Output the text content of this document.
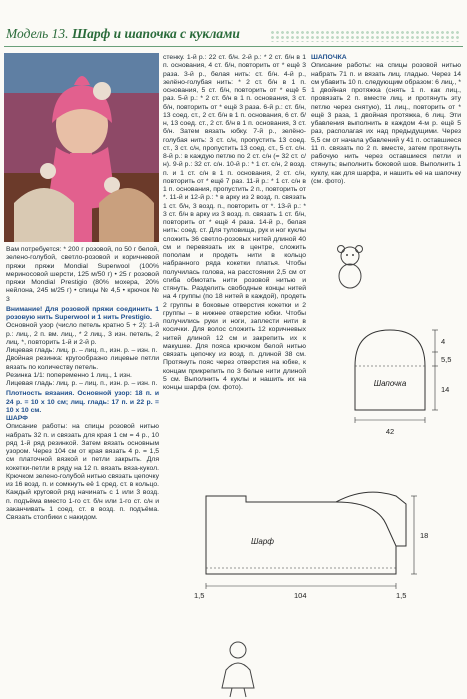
Модель 13. Шарф и шапочка с куклами

Вам потребуется: * 200 г розовой, по 50 г белой, зелено-голубой, светло-розовой и коричневой пряжи пряжи Mondial Superwool (100% мериносовой шерсти, 125 м/50 г) • 25 г розовой пряжи Mondial Prestigio (80% мохера, 20% нейлона, 245 м/25 г) • спицы № 4,5 • крючок № 3

Внимание! Для розовой пряжи соединить 1 розовую нить Superwool и 1 нить Prestigio.

Основной узор (число петель кратно 5 + 2): 1-й р.: лиц., 2 п. вм. лиц., * 2 лиц., 3 изн. петель, 2 лиц. *, повторить 1-й и 2-й р.

Лицевая гладь: лиц. р. – лиц. п., изн. р. – изн. п.

Двойная резинка: кругообразно лицевые петли вязать по количеству петель.

Резинка 1/1: попеременно 1 лиц., 1 изн.

Лицевая гладь: лиц. р. – лиц. п., изн. р. – изн. п.

Плотность вязания. Основной узор: 18 п. и 24 р. = 10 х 10 см; лиц. гладь: 17 п. и 22 р. = 10 х 10 см.

ШАРФ

Описание работы: на спицы розовой нитью набрать 32 п. и связать для края 1 см = 4 р., 10 ряд 1-й ряд резинкой. Затем вязать основным узором. Через 104 см от края вязать 4 р. = 1,5 см платочной вязкой и петли закрыть. Для кокетки-петли в ряду на 12 п. вязать вяза-кукол. Крючком зелено-голубой нитью связать цепочку из 16 возд. п. и сомкнуть её 1 сред. ст. в кольцо. Каждый круговой ряд начинать с 1 или 3 возд. п. подъёма вместо 1-го ст. б/н или 1-го ст. с/н и заканчивать 1 соед. ст. в возд. п. подъёма. Связать столбики с накидом.

стенку. 1-й р.: 22 ст. б/н. 2-й р.: * 2 ст. б/н в 1 п. основания, 4 ст. б/н, повторить от * ещё 3 раза. 3-й р., белая нить: ст. б/н. 4-й р., зелёно-голубая нить: * 2 ст. б/н в 1 п. основания, 5 ст. б/н, повторить от * ещё 5 раз. 5-й р.: * 2 ст. б/н в 1 п. основания, 3 ст. б/н, повторить от * ещё 3 раза. 6-й р.: ст. б/н, 13 соед. ст., 2 ст. б/н в 1 п. основания, 6 ст. б/н, 13 соед. ст., 2 ст. б/н в 1 п. основания, 3 ст. б/н. Затем вязать юбку. 7-й р., зелёно-голубая нить: 3 ст. с/н, пропустить 13 соед. ст., 3 ст. с/н, пропустить 13 соед. ст., 5 ст. с/н. 8-й р.: в каждую петлю по 2 ст. с/н (= 32 ст. с/н). 9-й р.: 32 ст. с/н. 10-й р.: * 1 ст. с/н, 2 возд. п. и 1 ст. с/н в 1 п. основания, 2 ст. с/н, повторить от * ещё 7 раз. 11-й р.: * 1 ст. с/н в 1 п. основания, пропустить 2 п., повторить от *. 11-й и 12-й р.: * в арку из 2 возд. п. связать 1 ст. б/н, 3 возд. п., повторить от *. 13-й р.: * 3 ст. б/н в арку из 3 возд. п. связать 1 ст. б/н, повторить от * ещё 4 раза. 14-й р., белая нить: соед. ст. Для туловища, рук и ног куклы сложить 36 светло-розовых нитей длиной 40 см и перевязать их в центре, сложить пополам и продеть нити в кольцо набранного ряда кокетки платья. Чтобы получилась голова, на расстоянии 2,5 см от сгиба обмотать нити розовой нитью и стянуть. Разделить свободные концы нитей на 4 группы (по 18 нитей в каждой), продеть 2 группы в боковые отверстия кокетки и 2 группы – в нижнее отверстие юбки. Чтобы получились руки и ноги, заплести нити в косички. Для волос сложить 12 коричневых нитей длиной 12 см и закрепить их к макушке. Для пояса крючком белой нитью связать цепочку из возд. п. длиной 38 см. Протянуть пояс через отверстия на юбке, к концам прикрепить по 3 белые нити длиной 5 см. Выполнить 4 куклы и нашить их на концы шарфа (см. фото).

ШАПОЧКА

Описание работы: на спицы розовой нитью набрать 71 п. и вязать лиц. гладью. Через 14 см убавить 10 п. следующим образом: 6 лиц., * 1 двойная протяжка (снять 1 п. как лиц., провязать 2 п. вместе лиц. и протянуть эту петлю через снятую), 11 лиц., повторить от * ещё 3 раза, 1 двойная протяжка, 6 лиц. Эти убавления выполнить в каждом 4-м р. ещё 5 раз, располагая их над предыдущими. Через 5,5 см от начала убавлений у 41 п. оставшиеся 11 п. связать по 2 п. вместе, затем протянуть рабочую нить через оставшиеся петли и стянуть; выполнить боковой шов. Выполнить 1 куклу, как для шарфа, и нашить её на шапочку (см. фото).

Шапочка
4
5,5
14
42
Шарф
18
1,5	104	1,5
